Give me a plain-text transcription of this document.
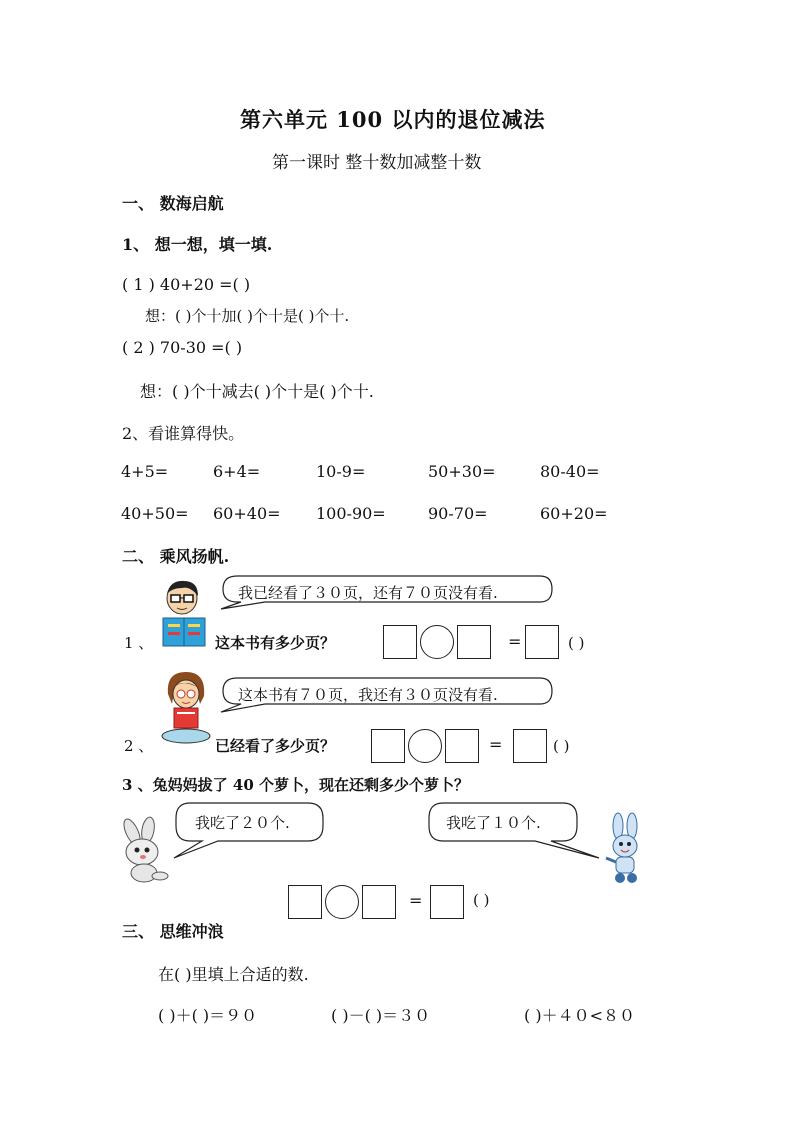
第六单元 100 以内的退位减法
第一课时 整十数加减整十数
一、 数海启航
1、 想一想，填一填.
( 1 ) 40+20 =( )
想：( )个十加( )个十是( )个十.
( 2 ) 70-30 =( )
想：( )个十减去( )个十是( )个十.
2、看谁算得快。
4+5=	6+4=	10-9=	50+30=	80-40=
40+50= 60+40= 100-90=	90-70=	60+20=
二、 乘风扬帆.
我已经看了３０页，还有７０页没有看.
1 、	这本书有多少页？	=	( )
这本书有７０页，我还有３０页没有看.
2 、	已经看了多少页？	=	( )
3 、兔妈妈拔了 40 个萝卜，现在还剩多少个萝卜？
我吃了２０个.	我吃了１０个.
=	( )
三、 思维冲浪
在( )里填上合适的数.
( )＋( )＝９０	( )－( )＝３０	( )＋４０<８０
